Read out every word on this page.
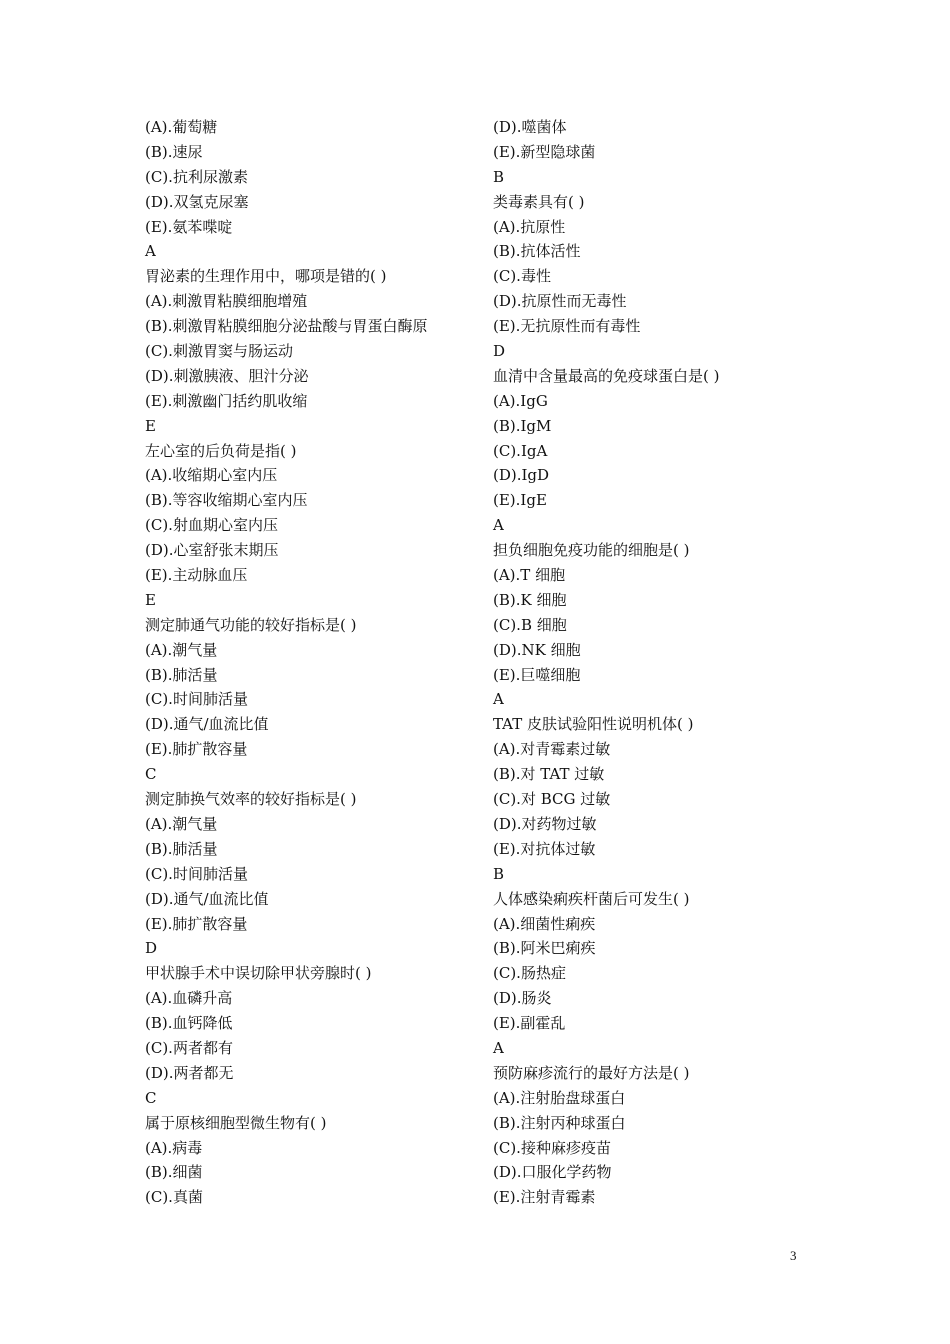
(A).葡萄糖
(B).速尿
(C).抗利尿激素
(D).双氢克尿塞
(E).氨苯喋啶
A
胃泌素的生理作用中，哪项是错的( )
(A).刺激胃粘膜细胞增殖
(B).刺激胃粘膜细胞分泌盐酸与胃蛋白酶原
(C).刺激胃窦与肠运动
(D).刺激胰液、胆汁分泌
(E).刺激幽门括约肌收缩
E
左心室的后负荷是指( )
(A).收缩期心室内压
(B).等容收缩期心室内压
(C).射血期心室内压
(D).心室舒张末期压
(E).主动脉血压
E
测定肺通气功能的较好指标是( )
(A).潮气量
(B).肺活量
(C).时间肺活量
(D).通气/血流比值
(E).肺扩散容量
C
测定肺换气效率的较好指标是( )
(A).潮气量
(B).肺活量
(C).时间肺活量
(D).通气/血流比值
(E).肺扩散容量
D
甲状腺手术中误切除甲状旁腺时( )
(A).血磷升高
(B).血钙降低
(C).两者都有
(D).两者都无
C
属于原核细胞型微生物有( )
(A).病毒
(B).细菌
(C).真菌
(D).噬菌体
(E).新型隐球菌
B
类毒素具有( )
(A).抗原性
(B).抗体活性
(C).毒性
(D).抗原性而无毒性
(E).无抗原性而有毒性
D
血清中含量最高的免疫球蛋白是( )
(A).IgG
(B).IgM
(C).IgA
(D).IgD
(E).IgE
A
担负细胞免疫功能的细胞是( )
(A).T 细胞
(B).K 细胞
(C).B 细胞
(D).NK 细胞
(E).巨噬细胞
A
TAT 皮肤试验阳性说明机体( )
(A).对青霉素过敏
(B).对 TAT 过敏
(C).对 BCG 过敏
(D).对药物过敏
(E).对抗体过敏
B
人体感染痢疾杆菌后可发生( )
(A).细菌性痢疾
(B).阿米巴痢疾
(C).肠热症
(D).肠炎
(E).副霍乱
A
预防麻疹流行的最好方法是( )
(A).注射胎盘球蛋白
(B).注射丙种球蛋白
(C).接种麻疹疫苗
(D).口服化学药物
(E).注射青霉素
3
